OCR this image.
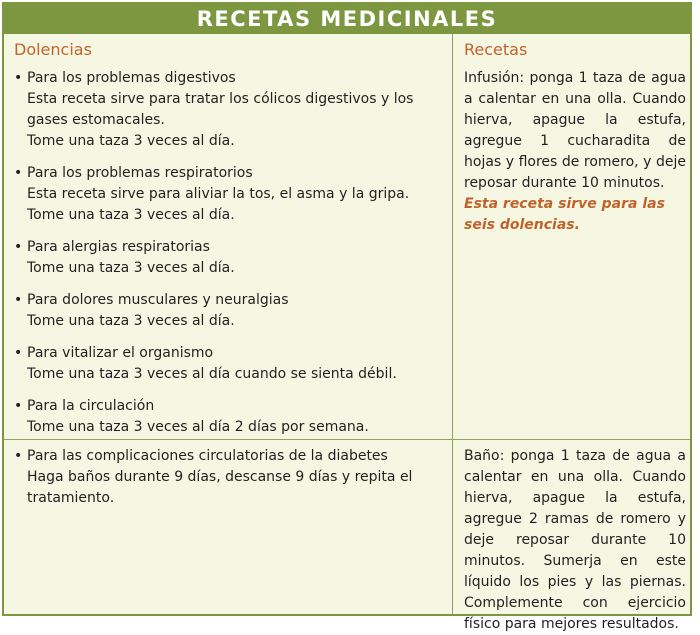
RECETAS MEDICINALES
Dolencias	Recetas
• Para los problemas digestivos
Esta receta sirve para tratar los cólicos digestivos y los gases estomacales.
Tome una taza 3 veces al día.
• Para los problemas respiratorios
Esta receta sirve para aliviar la tos, el asma y la gripa.
Tome una taza 3 veces al día.
• Para alergias respiratorias
Tome una taza 3 veces al día.
• Para dolores musculares y neuralgias
Tome una taza 3 veces al día.
• Para vitalizar el organismo
Tome una taza 3 veces al día cuando se sienta débil.
• Para la circulación
Tome una taza 3 veces al día 2 días por semana.
• Para las complicaciones circulatorias de la diabetes
Haga baños durante 9 días, descanse 9 días y repita el tratamiento.
Infusión: ponga 1 taza de agua a calentar en una olla. Cuando hierva, apague la estufa, agregue 1 cucharadita de hojas y flores de romero, y deje reposar durante 10 minutos.
Esta receta sirve para las seis dolencias.
Baño: ponga 1 taza de agua a calentar en una olla. Cuando hierva, apague la estufa, agregue 2 ramas de romero y deje reposar durante 10 minutos. Sumerja en este líquido los pies y las piernas. Complemente con ejercicio físico para mejores resultados.
